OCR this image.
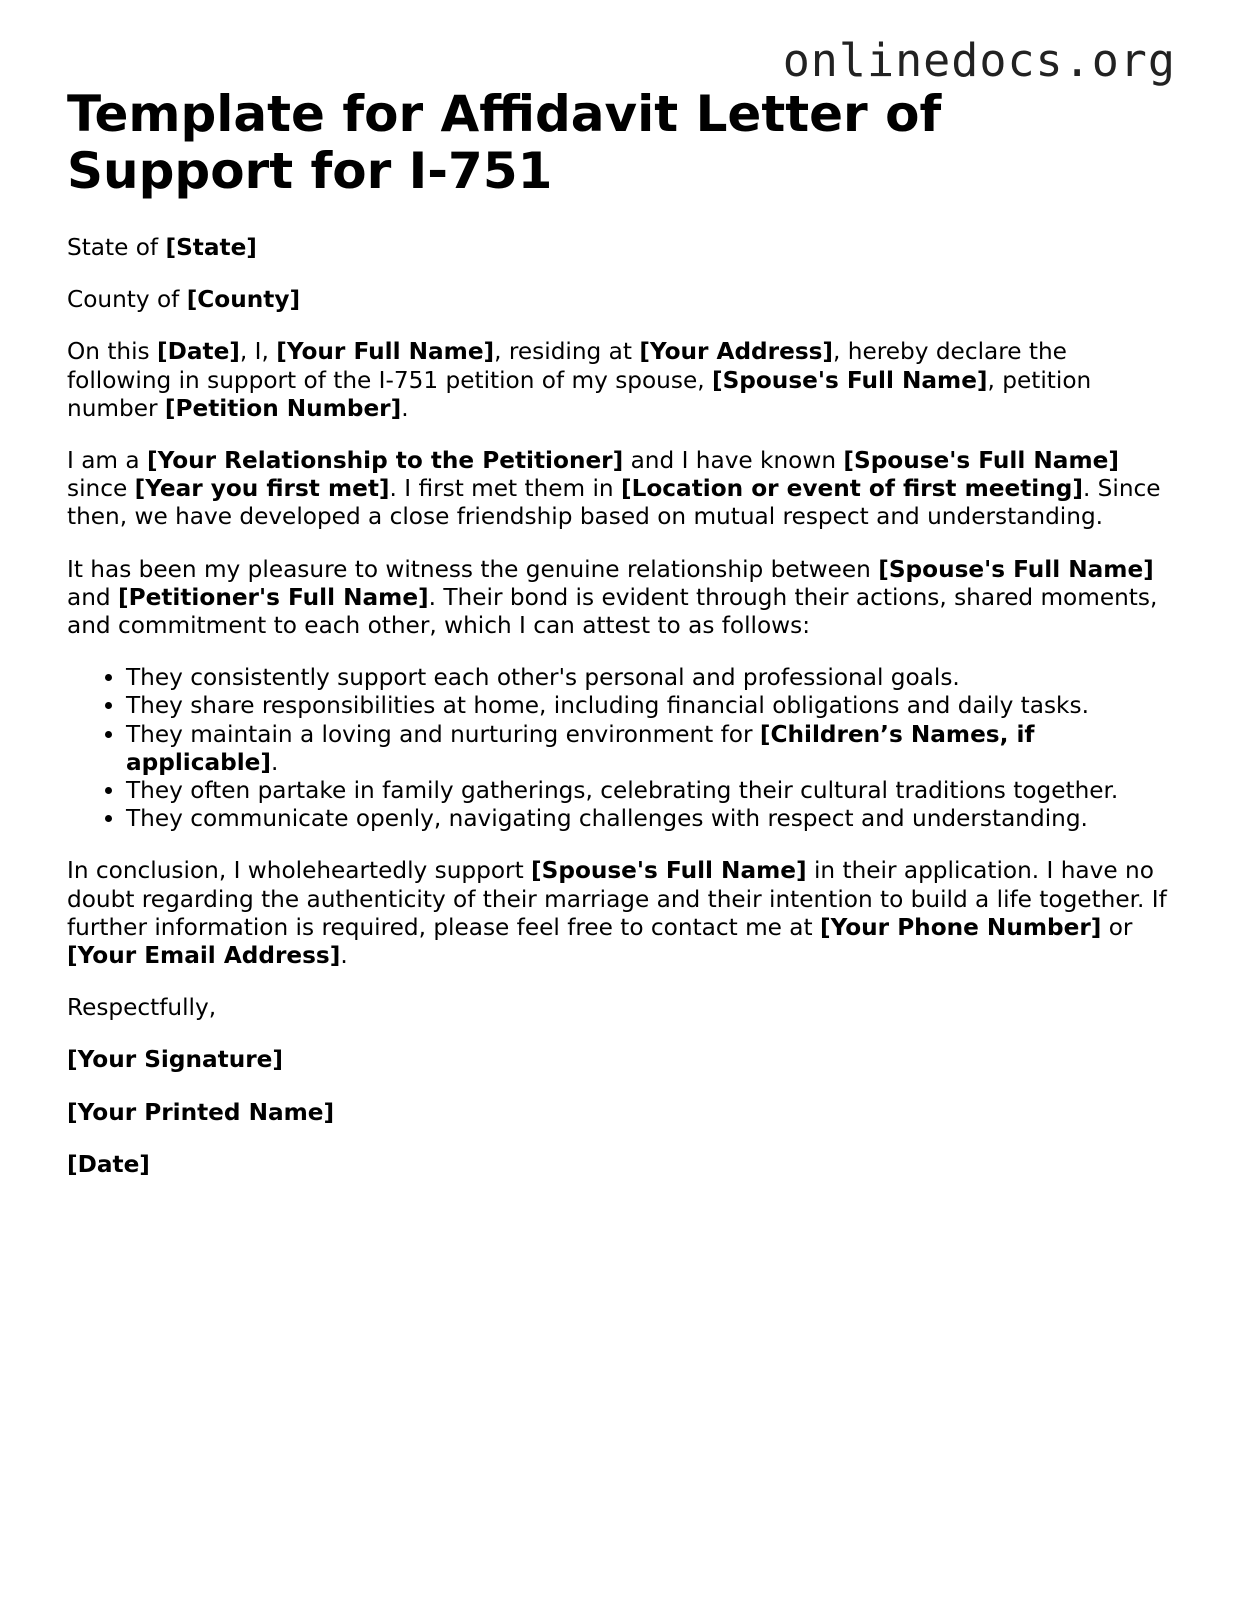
onlinedocs.org
Template for Affidavit Letter of Support for I-751

State of [State]

County of [County]

On this [Date], I, [Your Full Name], residing at [Your Address], hereby declare the following in support of the I-751 petition of my spouse, [Spouse's Full Name], petition number [Petition Number].

I am a [Your Relationship to the Petitioner] and I have known [Spouse's Full Name] since [Year you first met]. I first met them in [Location or event of first meeting]. Since then, we have developed a close friendship based on mutual respect and understanding.

It has been my pleasure to witness the genuine relationship between [Spouse's Full Name] and [Petitioner's Full Name]. Their bond is evident through their actions, shared moments, and commitment to each other, which I can attest to as follows:

• They consistently support each other's personal and professional goals.
• They share responsibilities at home, including financial obligations and daily tasks.
• They maintain a loving and nurturing environment for [Children’s Names, if applicable].
• They often partake in family gatherings, celebrating their cultural traditions together.
• They communicate openly, navigating challenges with respect and understanding.

In conclusion, I wholeheartedly support [Spouse's Full Name] in their application. I have no doubt regarding the authenticity of their marriage and their intention to build a life together. If further information is required, please feel free to contact me at [Your Phone Number] or [Your Email Address].

Respectfully,

[Your Signature]

[Your Printed Name]

[Date]
